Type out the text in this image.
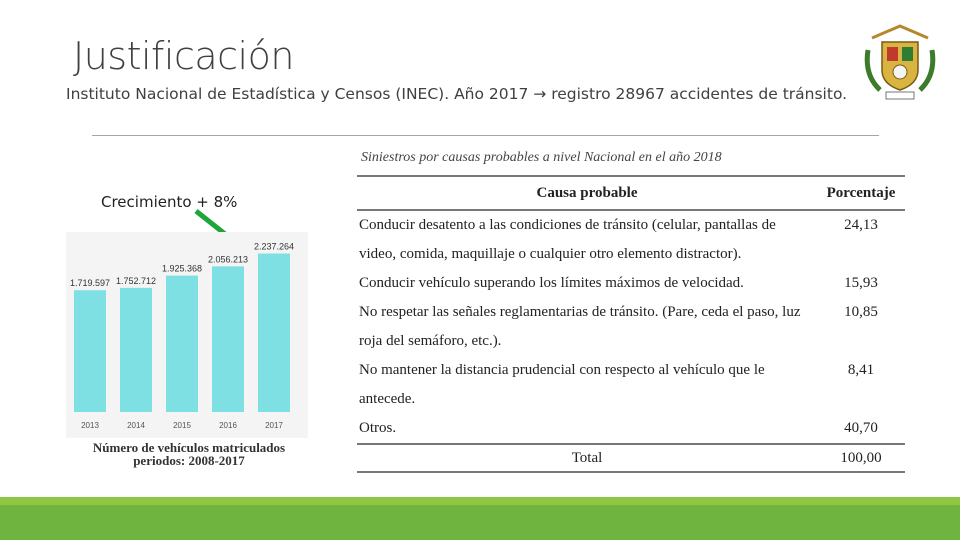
Justificación
Instituto Nacional de Estadística y Censos (INEC). Año 2017 → registro 28967 accidentes de tránsito.
Crecimiento + 8%
1.719.597
2013
1.752.712
2014
1.925.368
2015
2.056.213
2016
2.237.264
2017
Número de vehículos matriculados
periodos: 2008-2017
Siniestros por causas probables a nivel Nacional en el año 2018
Causa probable	Porcentaje
Conducir desatento a las condiciones de tránsito (celular, pantallas de video, comida, maquillaje o cualquier otro elemento distractor).	24,13
Conducir vehículo superando los límites máximos de velocidad.	15,93
No respetar las señales reglamentarias de tránsito. (Pare, ceda el paso, luz roja del semáforo, etc.).	10,85
No mantener la distancia prudencial con respecto al vehículo que le antecede.	8,41
Otros.	40,70
Total	100,00
